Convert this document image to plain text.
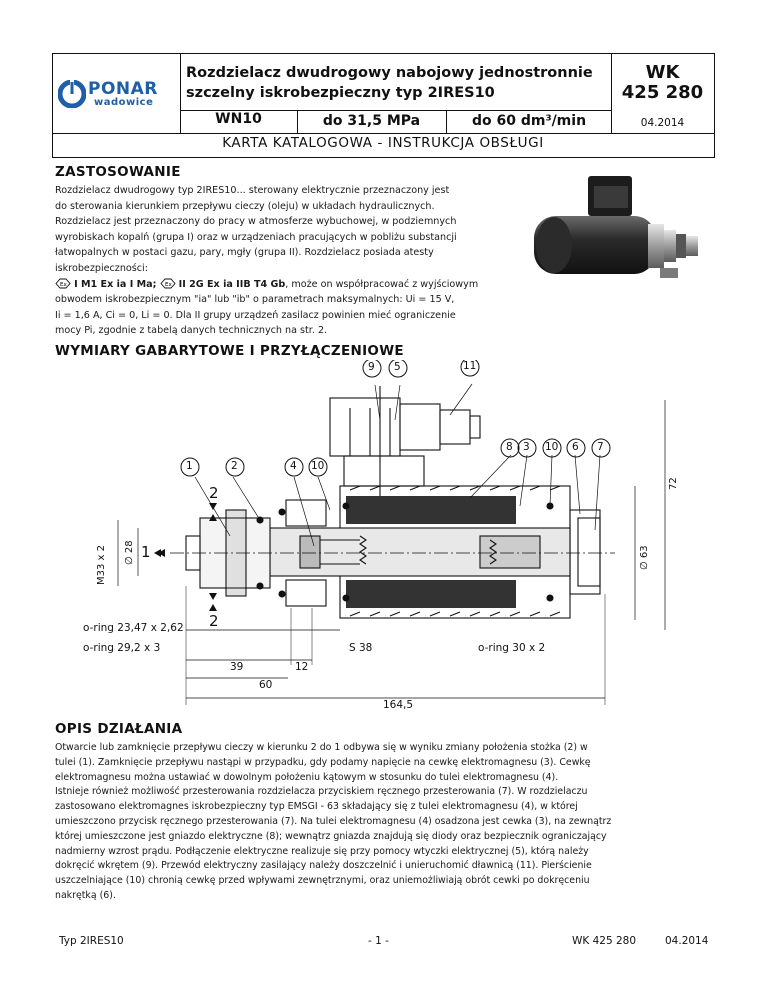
PONAR
wadowice
Rozdzielacz dwudrogowy nabojowy jednostronnie
szczelny iskrobezpieczny typ 2IRES10
WK
425 280
WN10	do 31,5 MPa	do 60 dm³/min	04.2014
KARTA KATALOGOWA - INSTRUKCJA OBSŁUGI
ZASTOSOWANIE
Rozdzielacz dwudrogowy typ 2IRES10... sterowany elektrycznie przeznaczony jest
do sterowania kierunkiem przepływu cieczy (oleju) w układach hydraulicznych.
Rozdzielacz jest przeznaczony do pracy w atmosferze wybuchowej, w podziemnych
wyrobiskach kopalń (grupa I) oraz w urządzeniach pracujących w pobliżu substancji
łatwopalnych w postaci gazu, pary, mgły (grupa II). Rozdzielacz posiada atesty
iskrobezpieczności:
Ex I M1 Ex ia I Ma; Ex II 2G Ex ia IIB T4 Gb, może on współpracować z wyjściowym
obwodem iskrobezpiecznym "ia" lub "ib" o parametrach maksymalnych: Ui = 15 V,
Ii = 1,6 A, Ci = 0, Li = 0. Dla II grupy urządzeń zasilacz powinien mieć ograniczenie
mocy Pi, zgodnie z tabelą danych technicznych na str. 2.
WYMIARY GABARYTOWE I PRZYŁĄCZENIOWE
9 5	11
8 3 10 6 7
1	2	4 10
2
1
2
M33 x 2 ∅ 28	∅ 63
72
o-ring 23,47 x 2,62
o-ring 29,2 x 3	S 38	o-ring 30 x 2
39	12
60
164,5
OPIS DZIAŁANIA
Otwarcie lub zamknięcie przepływu cieczy w kierunku 2 do 1 odbywa się w wyniku zmiany położenia stożka (2) w
tulei (1). Zamknięcie przepływu nastąpi w przypadku, gdy podamy napięcie na cewkę elektromagnesu (3). Cewkę
elektromagnesu można ustawiać w dowolnym położeniu kątowym w stosunku do tulei elektromagnesu (4).
Istnieje również możliwość przesterowania rozdzielacza przyciskiem ręcznego przesterowania (7). W rozdzielaczu
zastosowano elektromagnes iskrobezpieczny typ EMSGI - 63 składający się z tulei elektromagnesu (4), w której
umieszczono przycisk ręcznego przesterowania (7). Na tulei elektromagnesu (4) osadzona jest cewka (3), na zewnątrz
której umieszczone jest gniazdo elektryczne (8); wewnątrz gniazda znajdują się diody oraz bezpiecznik ograniczający
nadmierny wzrost prądu. Podłączenie elektryczne realizuje się przy pomocy wtyczki elektrycznej (5), którą należy
dokręcić wkrętem (9). Przewód elektryczny zasilający należy doszczelnić i unieruchomić dławnicą (11). Pierścienie
uszczelniające (10) chronią cewkę przed wpływami zewnętrznymi, oraz uniemożliwiają obrót cewki po dokręceniu
nakrętką (6).
Typ 2IRES10	- 1 -	WK 425 280	04.2014
